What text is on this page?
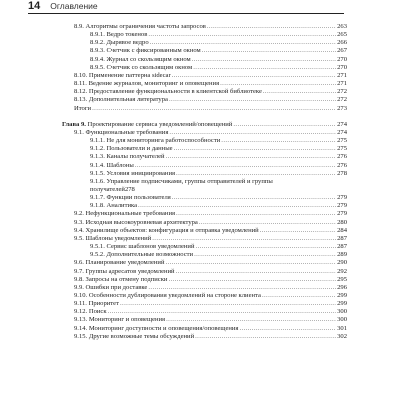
14 Оглавление
8.9. Алгоритмы ограничения частоты запросов .....	263
8.9.1. Ведро токенов .....	265
8.9.2. Дырявое ведро .....	266
8.9.3. Счетчик с фиксированным окном .....	267
8.9.4. Журнал со скользящим окном .....	270
8.9.5. Счетчик со скользящим окном .....	270
8.10. Применение паттерна sidecar .....	271
8.11. Ведение журналов, мониторинг и оповещения .....	271
8.12. Предоставление функциональности в клиентской библиотеке .....	272
8.13. Дополнительная литература .....	272
Итоги .....	273
Глава 9. Проектирование сервиса уведомлений/оповещений .....	274
9.1. Функциональные требования .....	274
9.1.1. Не для мониторинга работоспособности .....	275
9.1.2. Пользователи и данные .....	275
9.1.3. Каналы получателей .....	276
9.1.4. Шаблоны .....	276
9.1.5. Условия инициирования .....	278
9.1.6. Управление подписчиками, группы отправителей и группы
получателей 278
9.1.7. Функции пользователя .....	279
9.1.8. Аналитика .....	279
9.2. Нефункциональные требования .....	279
9.3. Исходная высокоуровневая архитектура .....	280
9.4. Хранилище объектов: конфигурация и отправка уведомлений .....	284
9.5. Шаблоны уведомлений .....	287
9.5.1. Сервис шаблонов уведомлений .....	287
9.5.2. Дополнительные возможности .....	289
9.6. Планирование уведомлений .....	290
9.7. Группы адресатов уведомлений .....	292
9.8. Запросы на отмену подписки .....	295
9.9. Ошибки при доставке .....	296
9.10. Особенности дублирования уведомлений на стороне клиента .....	299
9.11. Приоритет .....	299
9.12. Поиск .....	300
9.13. Мониторинг и оповещения .....	300
9.14. Мониторинг доступности и оповещения/оповещения .....	301
9.15. Другие возможные темы обсуждений .....	302
